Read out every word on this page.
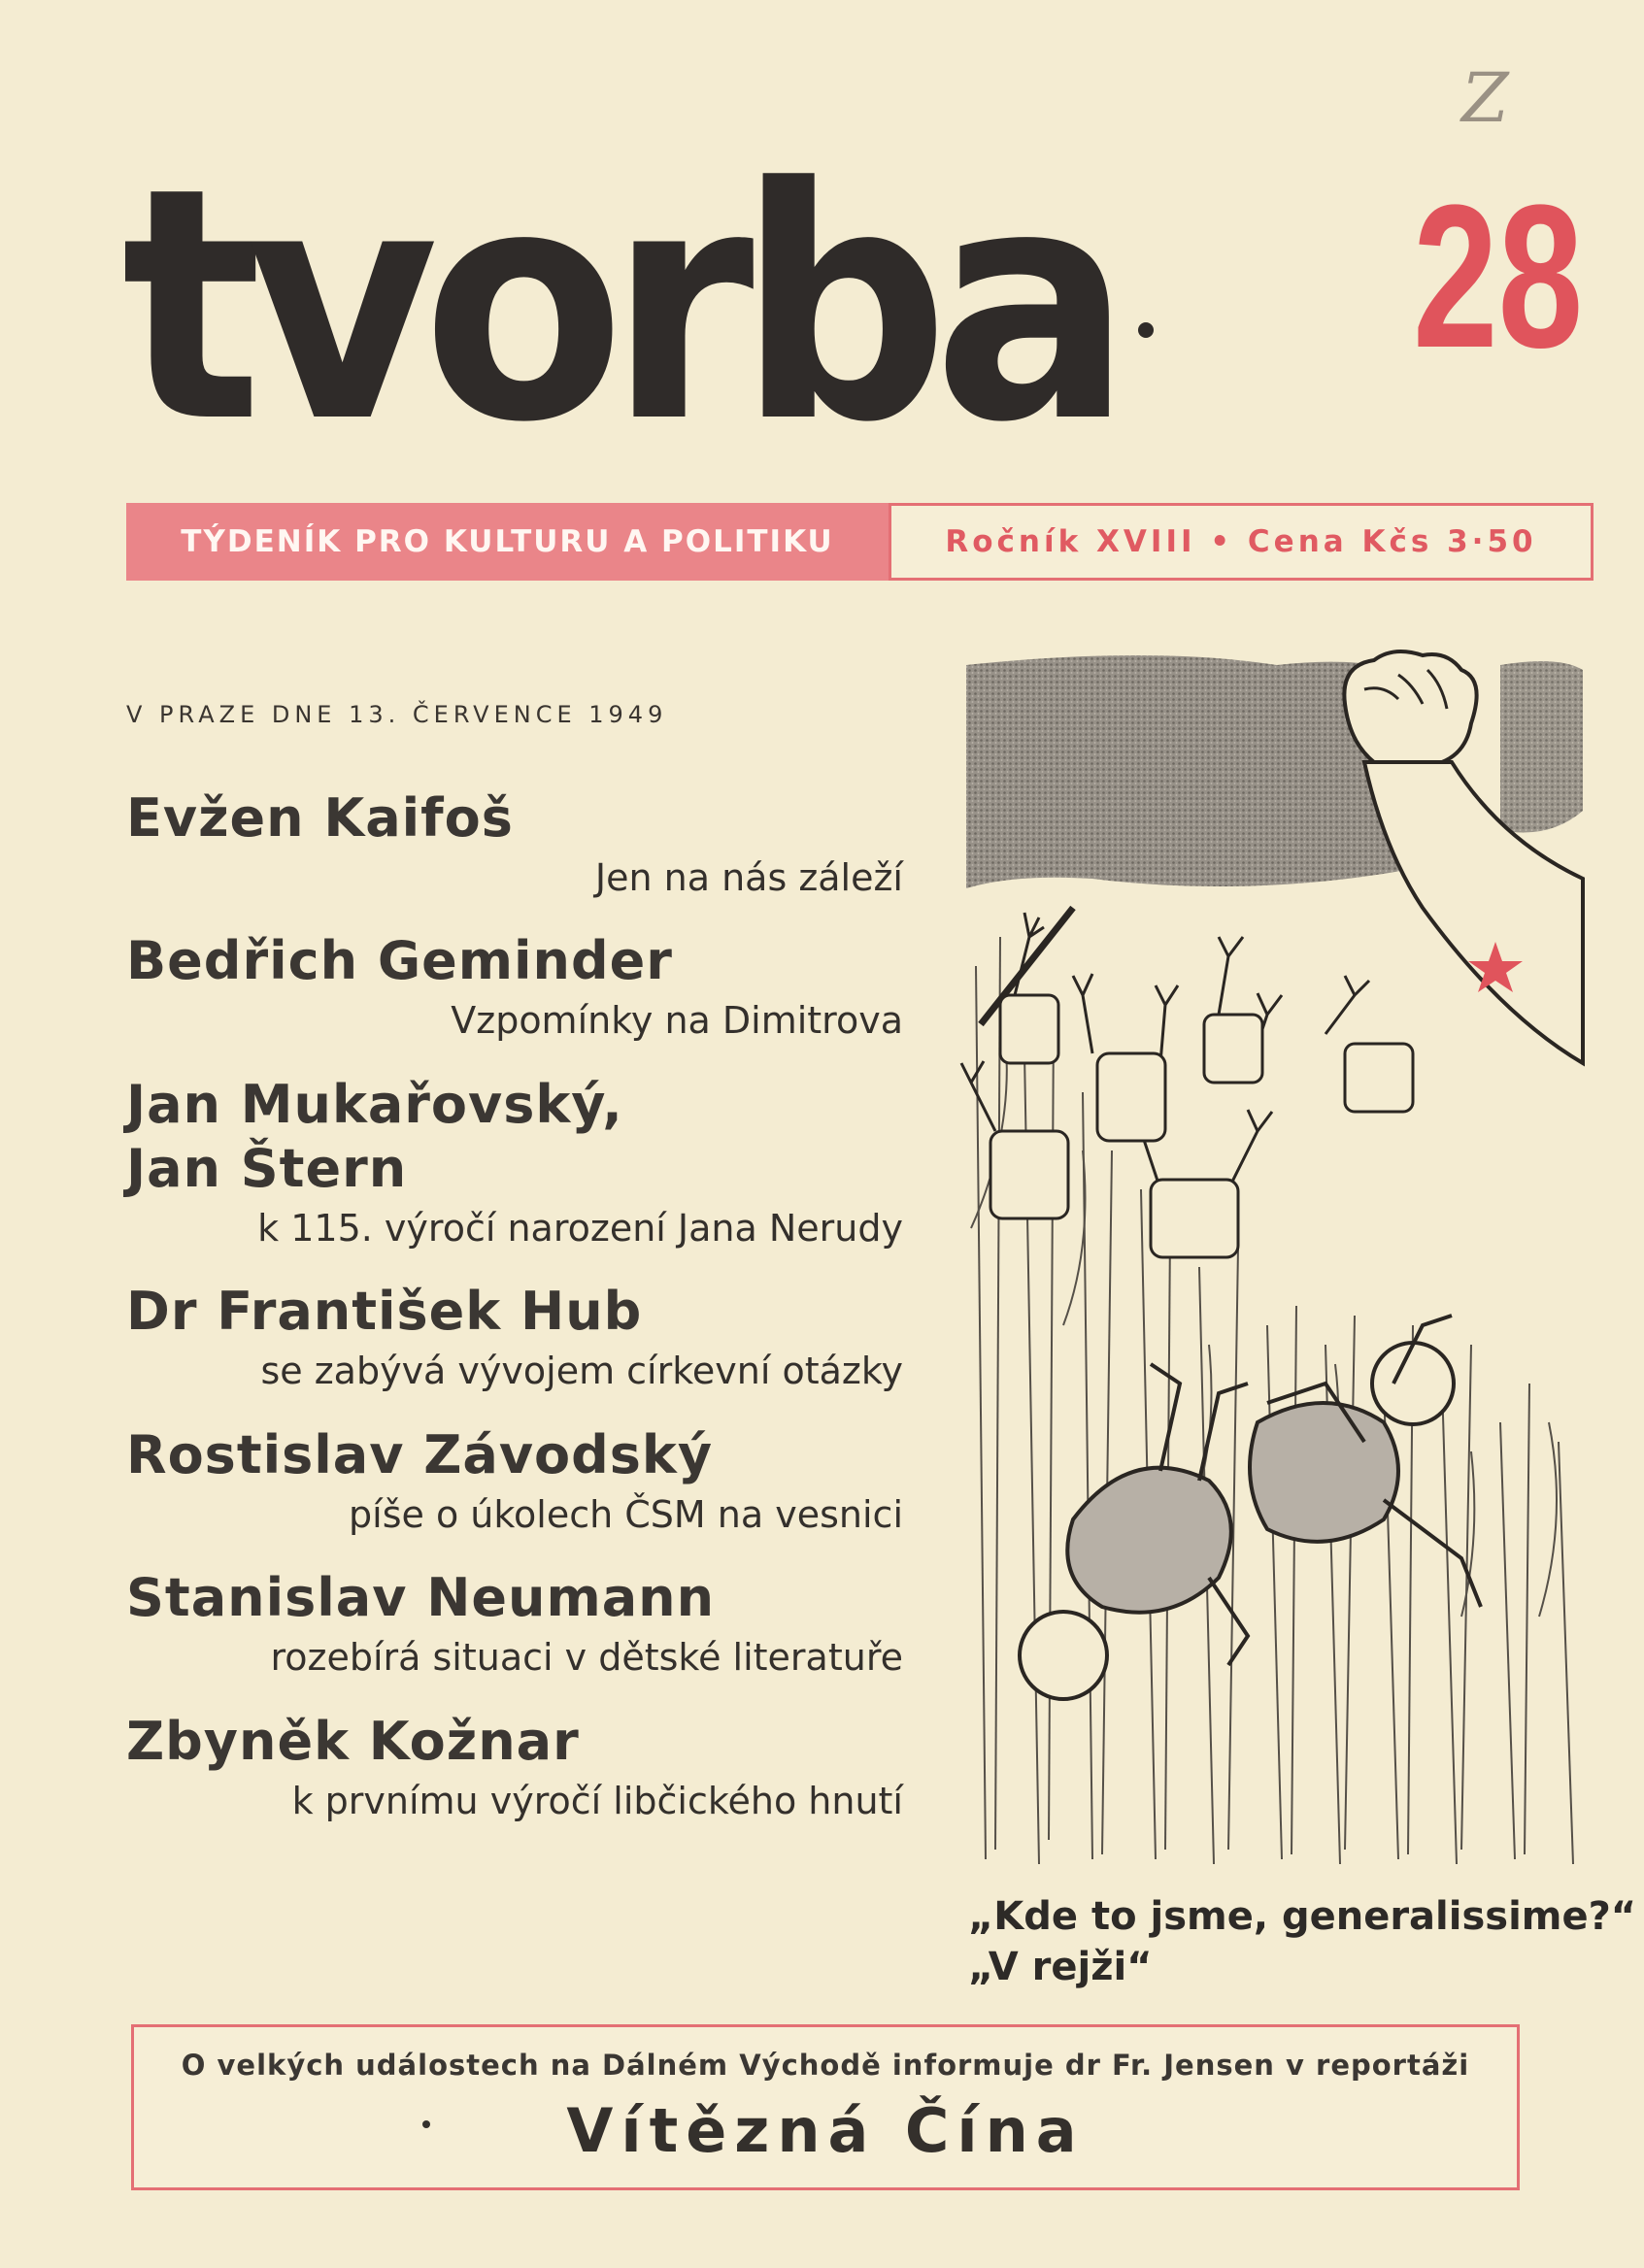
Z
tvorba 28
TÝDENÍK PRO KULTURU A POLITIKU	Ročník XVIII • Cena Kčs 3·50
V PRAZE DNE 13. ČERVENCE 1949
Evžen Kaifoš
Jen na nás záleží
Bedřich Geminder
Vzpomínky na Dimitrova
Jan Mukařovský,
Jan Štern
k 115. výročí narození Jana Nerudy
Dr František Hub
se zabývá vývojem církevní otázky
Rostislav Závodský
píše o úkolech ČSM na vesnici
Stanislav Neumann
rozebírá situaci v dětské literatuře
Zbyněk Kožnar
k prvnímu výročí libčického hnutí
„Kde to jsme, generalissime?“
„V rejži“
O velkých událostech na Dálném Východě informuje dr Fr. Jensen v reportáži
Vítězná Čína
